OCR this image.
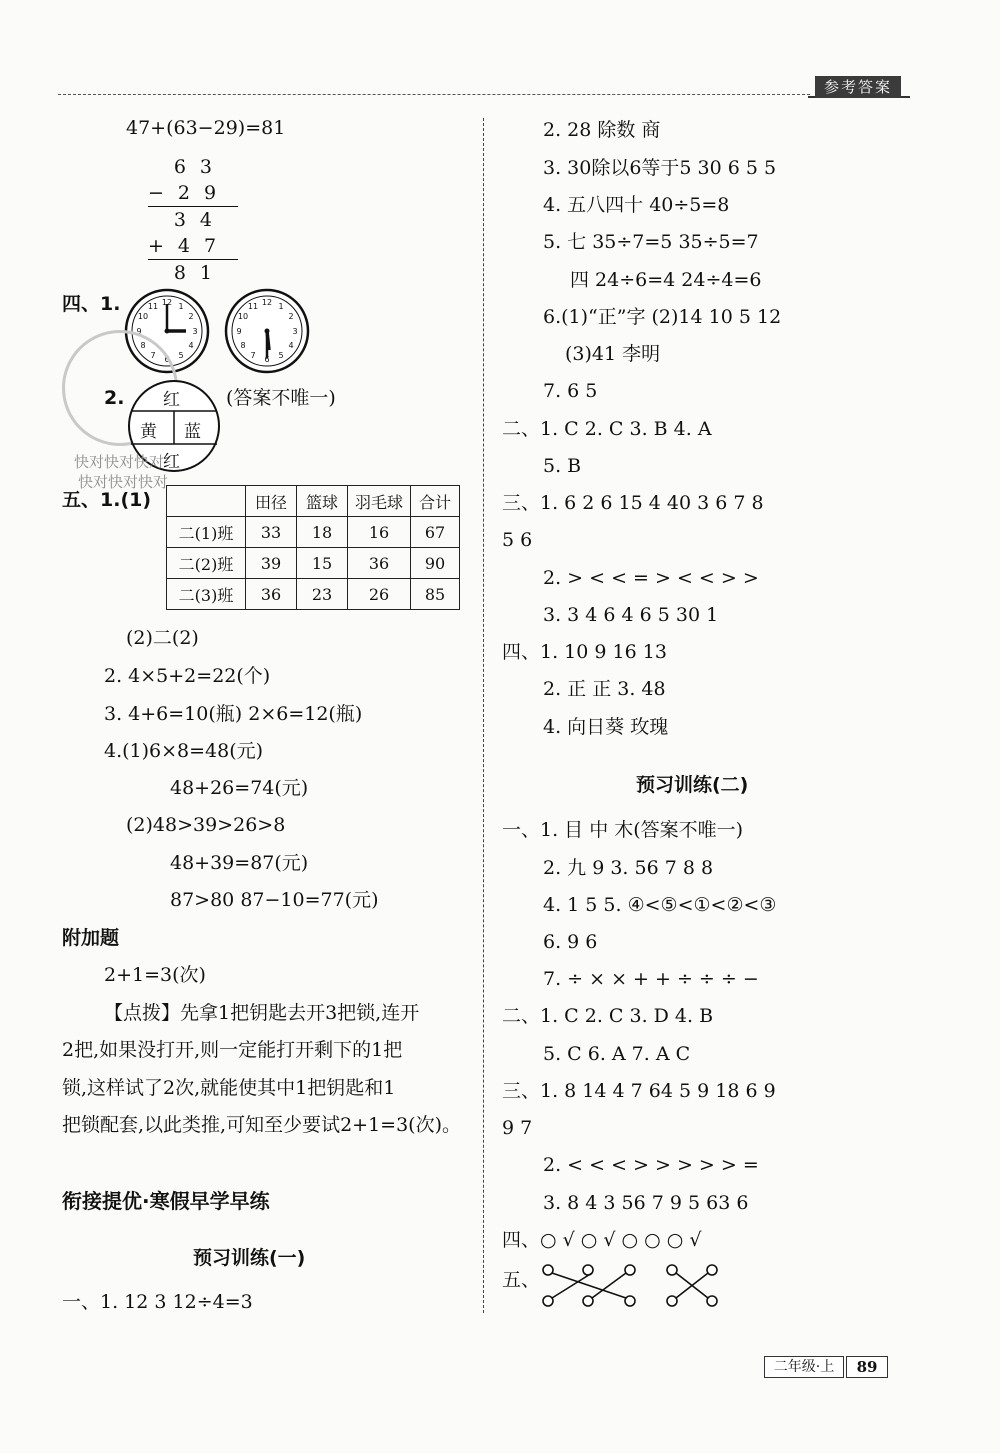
参考答案
47+(63−29)=81
63
−29
34
+47
81
四、1.	12 1
2
3
4
5
6
7
8
9
10
11	12 1
2
3
4
5
6
7
8
9
10
11
2. 红
黄 蓝
红
(答案不唯一)
快对快对快对
快对快对快对
五、1.(1)
		田径	篮球	羽毛球	合计
二(1)班	33	18	16	67
二(2)班	39	15	36	90
二(3)班	36	23	26	85
(2)二(2)
2. 4×5+2=22(个)
3. 4+6=10(瓶) 2×6=12(瓶)
4.(1)6×8=48(元)
48+26=74(元)
(2)48>39>26>8
48+39=87(元)
87>80 87−10=77(元)
附加题
2+1=3(次)
【点拨】先拿1把钥匙去开3把锁,连开
2把,如果没打开,则一定能打开剩下的1把
锁,这样试了2次,就能使其中1把钥匙和1
把锁配套,以此类推,可知至少要试2+1=3(次)。
衔接提优·寒假早学早练
预习训练(一)
一、1. 12 3 12÷4=3
2. 28 除数 商
3. 30除以6等于5 30 6 5 5
4. 五八四十 40÷5=8
5. 七 35÷7=5 35÷5=7
四 24÷6=4 24÷4=6
6.(1)“正”字 (2)14 10 5 12
(3)41 李明
7. 6 5
二、1. C 2. C 3. B 4. A
5. B
三、1. 6 2 6 15 4 40 3 6 7 8
5 6
2. > < < = > < < > >
3. 3 4 6 4 6 5 30 1
四、1. 10 9 16 13
2. 正 正 3. 48
4. 向日葵 玫瑰
预习训练(二)
一、1. 目 中 木(答案不唯一)
2. 九 9 3. 56 7 8 8
4. 1 5 5. ④<⑤<①<②<③
6. 9 6
7. ÷ × × + + ÷ ÷ ÷ −
二、1. C 2. C 3. D 4. B
5. C 6. A 7. A C
三、1. 8 14 4 7 64 5 9 18 6 9
9 7
2. < < < > > > > > =
3. 8 4 3 56 7 9 5 63 6
四、○ √ ○ √ ○ ○ ○ √
五、
二年级·上	89
